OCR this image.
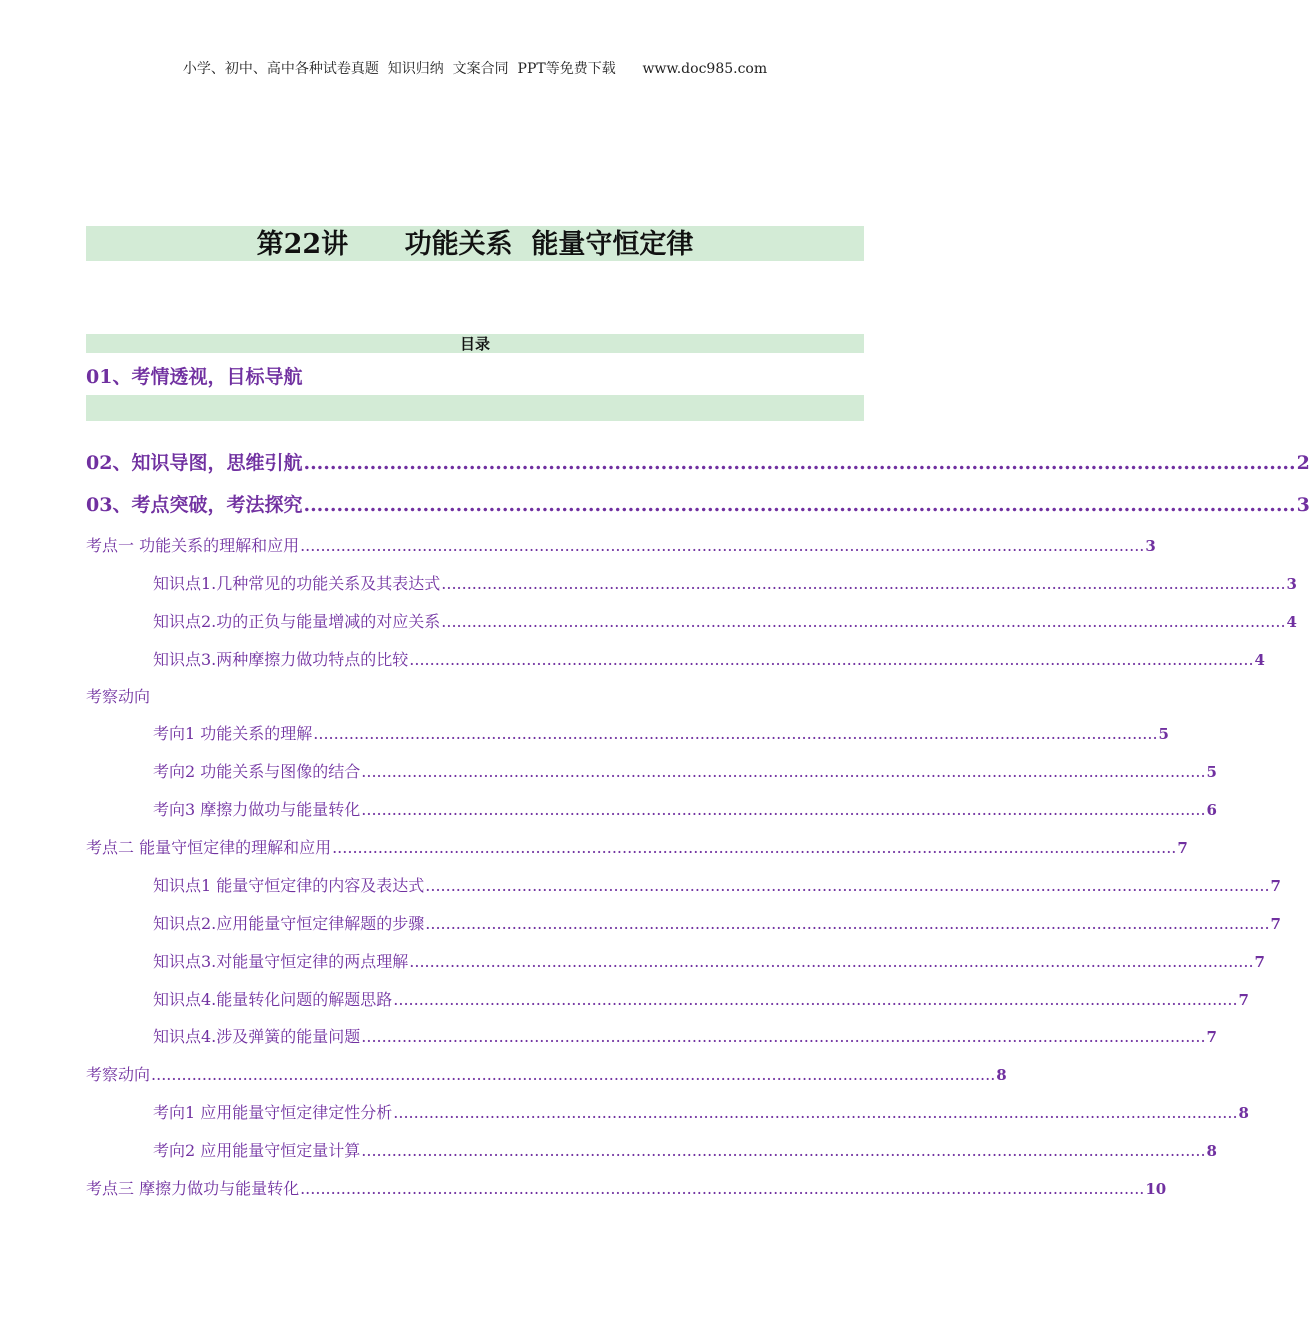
小学、初中、高中各种试卷真题  知识归纳  文案合同  PPT等免费下载      www.doc985.com
第22讲      功能关系  能量守恒定律
目录
01、考情透视，目标导航
02、知识导图，思维引航 ...................................................................................................................................................... 2
03、考点突破，考法探究 ...................................................................................................................................................... 3
考点一 功能关系的理解和应用 ...................................................................................................................................................................... 3
知识点1.几种常见的功能关系及其表达式 ...................................................................................................................................................................... 3
知识点2.功的正负与能量增减的对应关系 ...................................................................................................................................................................... 4
知识点3.两种摩擦力做功特点的比较 ...................................................................................................................................................................... 4
考察动向
考向1 功能关系的理解 ...................................................................................................................................................................... 5
考向2 功能关系与图像的结合 ...................................................................................................................................................................... 5
考向3 摩擦力做功与能量转化 ...................................................................................................................................................................... 6
考点二 能量守恒定律的理解和应用 ...................................................................................................................................................................... 7
知识点1 能量守恒定律的内容及表达式 ...................................................................................................................................................................... 7
知识点2.应用能量守恒定律解题的步骤 ...................................................................................................................................................................... 7
知识点3.对能量守恒定律的两点理解 ...................................................................................................................................................................... 7
知识点4.能量转化问题的解题思路 ...................................................................................................................................................................... 7
知识点4.涉及弹簧的能量问题 ...................................................................................................................................................................... 7
考察动向 ...................................................................................................................................................................... 8
考向1 应用能量守恒定律定性分析 ...................................................................................................................................................................... 8
考向2 应用能量守恒定量计算 ...................................................................................................................................................................... 8
考点三 摩擦力做功与能量转化 ...................................................................................................................................................................... 10
